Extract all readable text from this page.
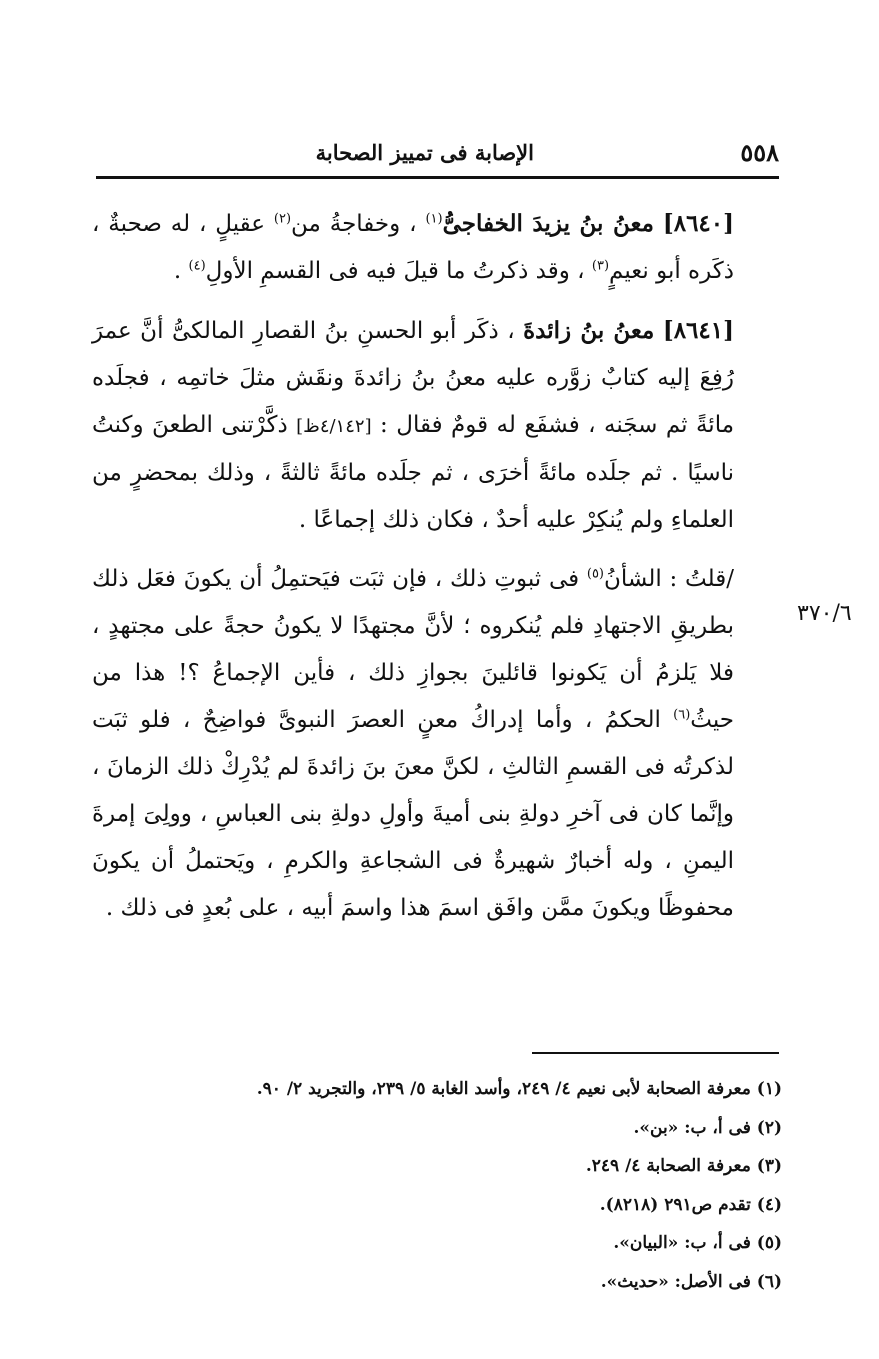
٥٥٨
الإصابة فى تمييز الصحابة
٣٧٠/٦

[٨٦٤٠] معنُ بنُ يزيدَ الخفاجىُّ$^{(١)}$ ، وخفاجةُ من$^{(٢)}$ عقيلٍ ، له صحبةٌ ، ذكَره أبو نعيمٍ$^{(٣)}$ ، وقد ذكرتُ ما قيلَ فيه فى القسمِ الأولِ$^{(٤)}$ .

[٨٦٤١] معنُ بنُ زائدةَ ، ذكَر أبو الحسنِ بنُ القصارِ المالكىُّ أنَّ عمرَ رُفِعَ إليه كتابٌ زوَّره عليه معنُ بنُ زائدةَ ونقَش مثلَ خاتمِه ، فجلَده مائةً ثم سجَنه ، فشفَع له قومٌ فقال : [٤/١٤٢ظ] ذكَّرْتنى الطعنَ وكنتُ ناسيًا . ثم جلَده مائةً أخرَى ، ثم جلَده مائةً ثالثةً ، وذلك بمحضرٍ من العلماءِ ولم يُنكِرْ عليه أحدٌ ، فكان ذلك إجماعًا .

/قلتُ : الشأنُ$^{(٥)}$ فى ثبوتِ ذلك ، فإن ثبَت فيَحتمِلُ أن يكونَ فعَل ذلك بطريقِ الاجتهادِ فلم يُنكروه ؛ لأنَّ مجتهدًا لا يكونُ حجةً على مجتهدٍ ، فلا يَلزمُ أن يَكونوا قائلينَ بجوازِ ذلك ، فأين الإجماعُ ؟! هذا من حيثُ$^{(٦)}$ الحكمُ ، وأما إدراكُ معنٍ العصرَ النبوىَّ فواضِحٌ ، فلو ثبَت لذكرتُه فى القسمِ الثالثِ ، لكنَّ معنَ بنَ زائدةَ لم يُدْرِكْ ذلك الزمانَ ، وإنَّما كان فى آخرِ دولةِ بنى أميةَ وأولِ دولةِ بنى العباسِ ، وولِىَ إمرةَ اليمنِ ، وله أخبارٌ شهيرةٌ فى الشجاعةِ والكرمِ ، ويَحتملُ أن يكونَ محفوظًا ويكونَ ممَّن وافَق اسمَ هذا واسمَ أبيه ، على بُعدٍ فى ذلك .

(١) معرفة الصحابة لأبى نعيم ٤/ ٢٤٩، وأسد الغابة ٥/ ٢٣٩، والتجريد ٢/ ٩٠.
(٢) فى أ، ب: «بن».
(٣) معرفة الصحابة ٤/ ٢٤٩.
(٤) تقدم ص٢٩١ (٨٢١٨).
(٥) فى أ، ب: «البيان».
(٦) فى الأصل: «حديث».
